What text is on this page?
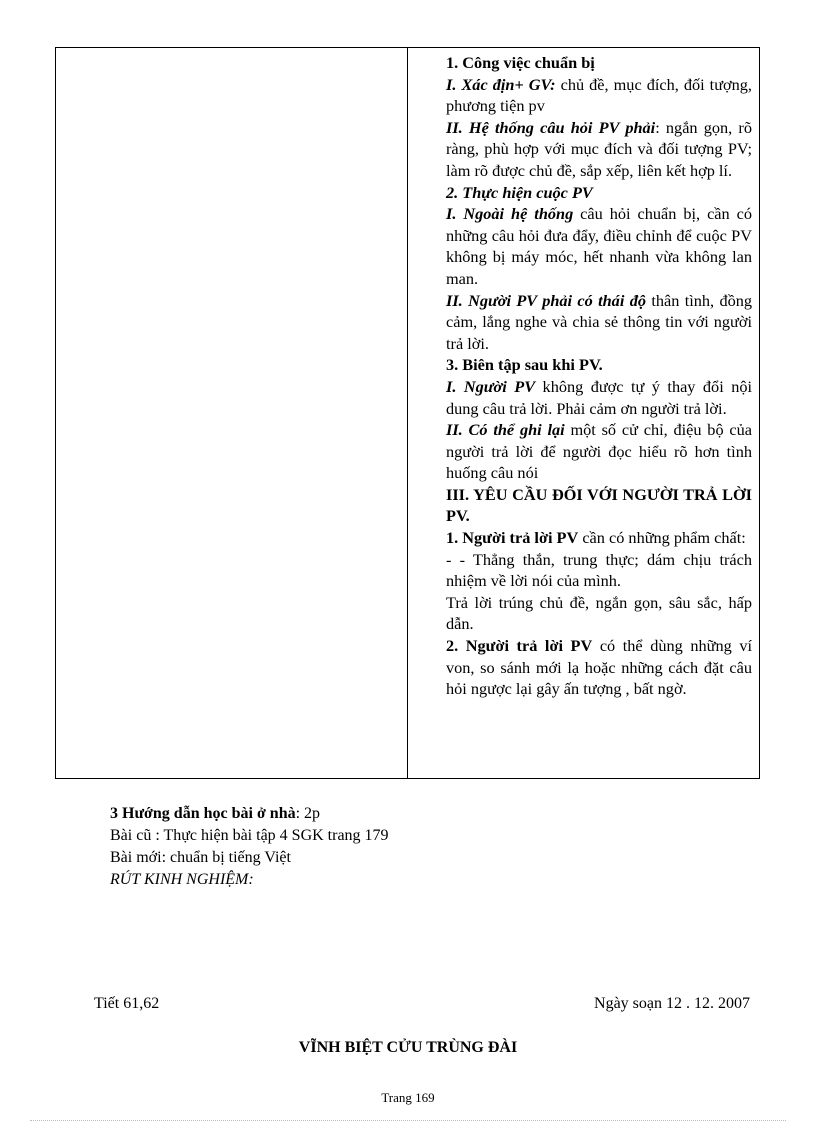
1. Công việc chuẩn bị

I. Xác địn+ GV: chủ đề, mục đích, đối tượng, phương tiện pv

II. Hệ thống câu hỏi PV phải: ngắn gọn, rõ ràng, phù hợp với mục đích và đối tượng PV; làm rõ được chủ đề, sắp xếp, liên kết hợp lí.

2. Thực hiện cuộc PV

I. Ngoài hệ thống câu hỏi chuẩn bị, cần có những câu hỏi đưa đẩy, điều chỉnh để cuộc PV không bị máy móc, hết nhanh vừa không lan man.

II. Người PV phải có thái độ thân tình, đồng cảm, lắng nghe và chia sẻ thông tin với người trả lời.

3. Biên tập sau khi PV.

I. Người PV không được tự ý thay đổi nội dung câu trả lời. Phải cảm ơn người trả lời.

II. Có thể ghi lại một số cử chỉ, điệu bộ của người trả lời để người đọc hiểu rõ hơn tình huống câu nói

III. YÊU CẦU ĐỐI VỚI NGƯỜI TRẢ LỜI PV.

1. Người trả lời PV cần có những phẩm chất:

- - Thẳng thắn, trung thực; dám chịu trách nhiệm về lời nói của mình.

Trả lời trúng chủ đề, ngắn gọn, sâu sắc, hấp dẫn.

2. Người trả lời PV có thể dùng những ví von, so sánh mới lạ hoặc những cách đặt câu hỏi ngược lại gây ấn tượng , bất ngờ.

3 Hướng dẫn học bài ở nhà: 2p

Bài cũ : Thực hiện bài tập 4 SGK trang 179

Bài mới: chuẩn bị tiếng Việt

RÚT KINH NGHIỆM:

Tiết 61,62	Ngày soạn 12 . 12. 2007
VĨNH BIỆT CỬU TRÙNG ĐÀI
Trang 169
